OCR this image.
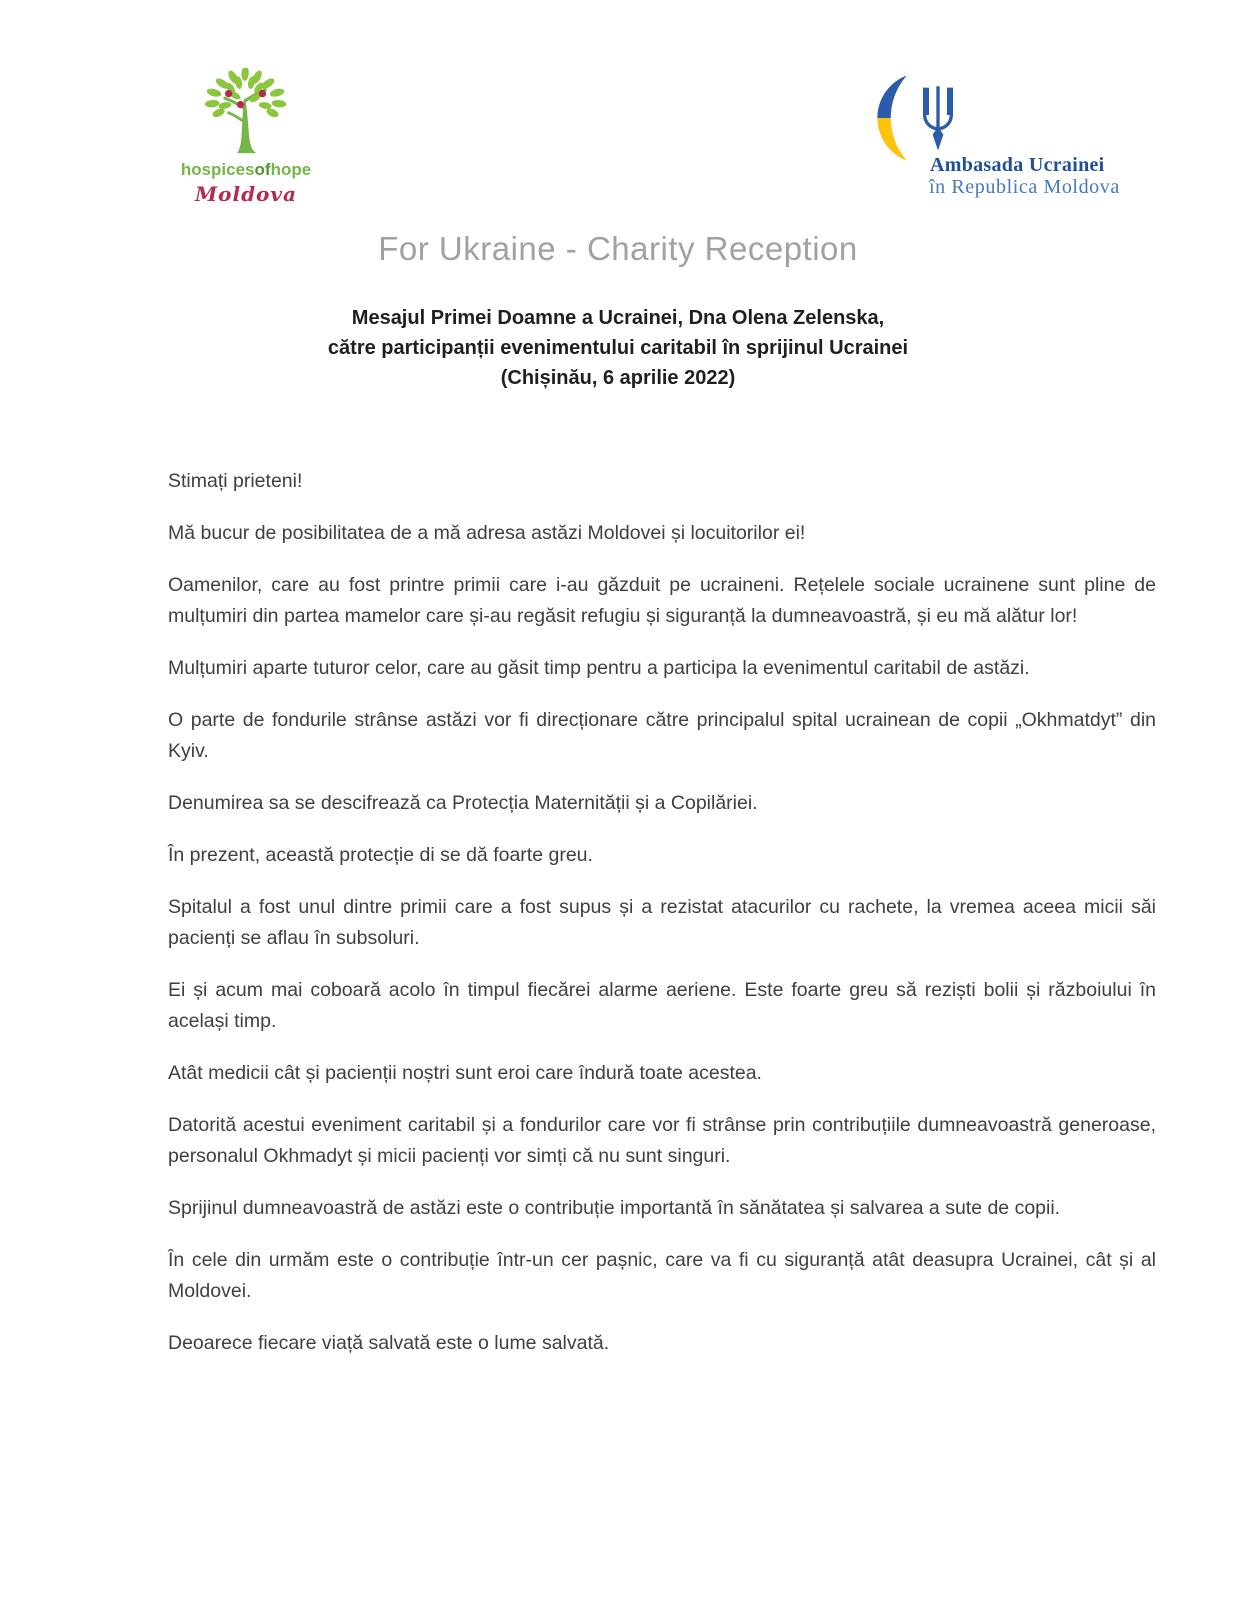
hospicesofhope
Moldova
Ambasada Ucrainei
în Republica Moldova
For Ukraine - Charity Reception
Mesajul Primei Doamne a Ucrainei, Dna Olena Zelenska,
către participanții evenimentului caritabil în sprijinul Ucrainei
(Chișinău, 6 aprilie 2022)

Stimați prieteni!

Mă bucur de posibilitatea de a mă adresa astăzi Moldovei și locuitorilor ei!

Oamenilor, care au fost printre primii care i-au găzduit pe ucraineni. Rețelele sociale ucrainene sunt pline de mulțumiri din partea mamelor care și-au regăsit refugiu și siguranță la dumneavoastră, și eu mă alătur lor!

Mulțumiri aparte tuturor celor, care au găsit timp pentru a participa la evenimentul caritabil de astăzi.

O parte de fondurile strânse astăzi vor fi direcționare către principalul spital ucrainean de copii „Okhmatdyt” din Kyiv.

Denumirea sa se descifrează ca Protecția Maternității și a Copilăriei.

În prezent, această protecție di se dă foarte greu.

Spitalul a fost unul dintre primii care a fost supus și a rezistat atacurilor cu rachete, la vremea aceea micii săi pacienți se aflau în subsoluri.

Ei și acum mai coboară acolo în timpul fiecărei alarme aeriene. Este foarte greu să reziști bolii și războiului în același timp.

Atât medicii cât și pacienții noștri sunt eroi care îndură toate acestea.

Datorită acestui eveniment caritabil și a fondurilor care vor fi strânse prin contribuțiile dumneavoastră generoase, personalul Okhmadyt și micii pacienți vor simți că nu sunt singuri.

Sprijinul dumneavoastră de astăzi este o contribuție importantă în sănătatea și salvarea a sute de copii.

În cele din urmăm este o contribuție într-un cer pașnic, care va fi cu siguranță atât deasupra Ucrainei, cât și al Moldovei.

Deoarece fiecare viață salvată este o lume salvată.
